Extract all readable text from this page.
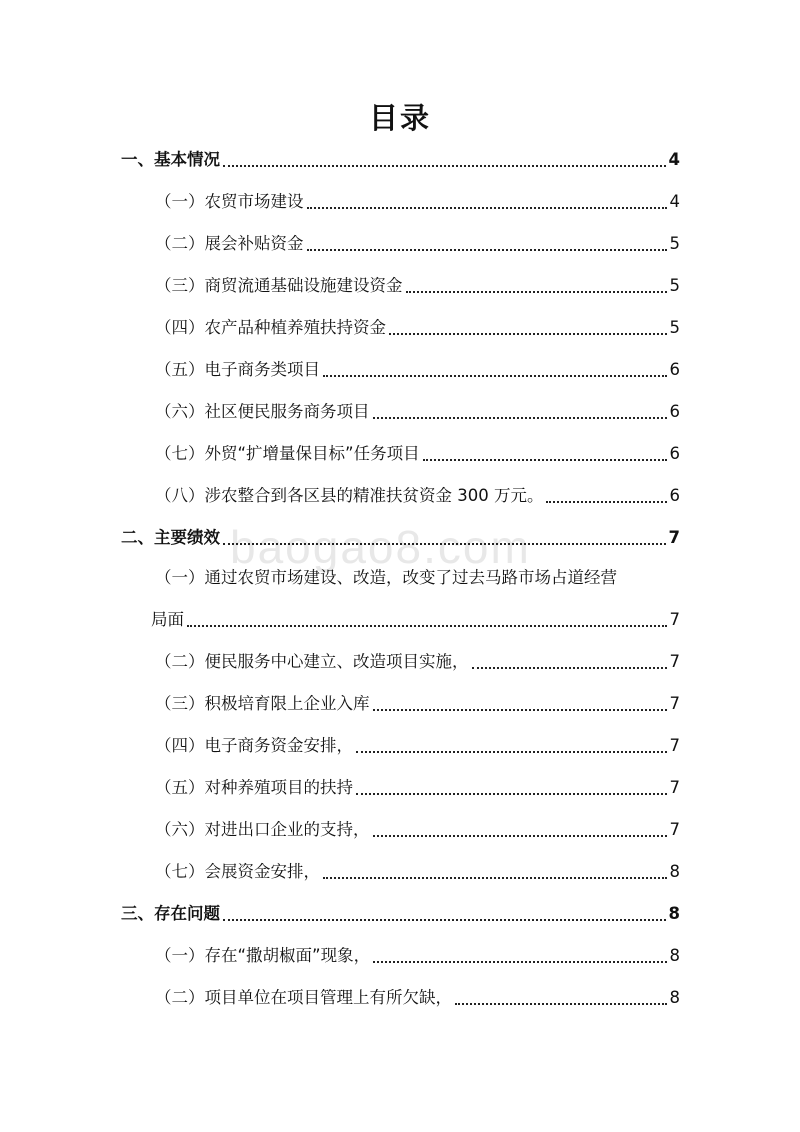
baogao8.com
目录
一、基本情况	4
（一）农贸市场建设	4
（二）展会补贴资金	5
（三）商贸流通基础设施建设资金	5
（四）农产品种植养殖扶持资金	5
（五）电子商务类项目	6
（六）社区便民服务商务项目	6
（七）外贸“扩增量保目标”任务项目	6
（八）涉农整合到各区县的精准扶贫资金 300 万元。	6
二、主要绩效	7
（一）通过农贸市场建设、改造，改变了过去马路市场占道经营
局面	7
（二）便民服务中心建立、改造项目实施，	7
（三）积极培育限上企业入库	7
（四）电子商务资金安排，	7
（五）对种养殖项目的扶持	7
（六）对进出口企业的支持，	7
（七）会展资金安排，	8
三、存在问题	8
（一）存在“撒胡椒面”现象，	8
（二）项目单位在项目管理上有所欠缺，	8
